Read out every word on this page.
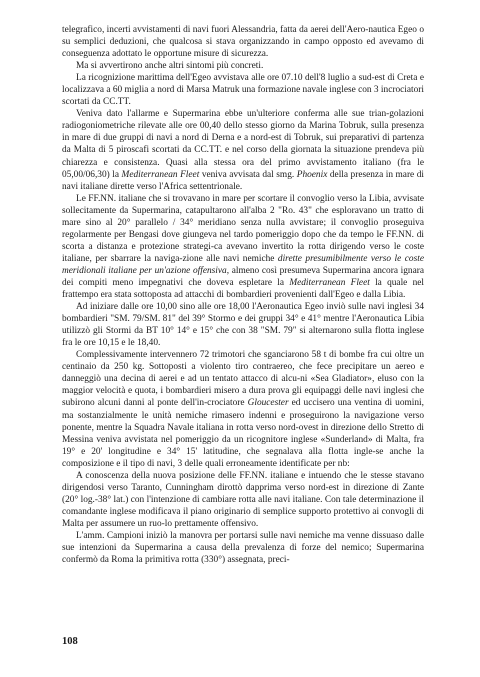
telegrafico, incerti avvistamenti di navi fuori Alessandria, fatta da aerei dell'Aero-nautica Egeo o su semplici deduzioni, che qualcosa si stava organizzando in campo opposto ed avevamo di conseguenza adottato le opportune misure di sicurezza.

Ma si avvertirono anche altri sintomi più concreti.

La ricognizione marittima dell'Egeo avvistava alle ore 07.10 dell'8 luglio a sud-est di Creta e localizzava a 60 miglia a nord di Marsa Matruk una formazione navale inglese con 3 incrociatori scortati da CC.TT.

Veniva dato l'allarme e Supermarina ebbe un'ulteriore conferma alle sue trian-golazioni radiogoniometriche rilevate alle ore 00,40 dello stesso giorno da Marina Tobruk, sulla presenza in mare di due gruppi di navi a nord di Derna e a nord-est di Tobruk, sui preparativi di partenza da Malta di 5 piroscafi scortati da CC.TT. e nel corso della giornata la situazione prendeva più chiarezza e consistenza. Quasi alla stessa ora del primo avvistamento italiano (fra le 05,00/06,30) la Mediterranean Fleet veniva avvisata dal smg. Phoenix della presenza in mare di navi italiane dirette verso l'Africa settentrionale.

Le FF.NN. italiane che si trovavano in mare per scortare il convoglio verso la Libia, avvisate sollecitamente da Supermarina, catapultarono all'alba 2 "Ro. 43" che esploravano un tratto di mare sino al 20° parallelo / 34° meridiano senza nulla avvistare; il convoglio proseguiva regolarmente per Bengasi dove giungeva nel tardo pomeriggio dopo che da tempo le FF.NN. di scorta a distanza e protezione strategi-ca avevano invertito la rotta dirigendo verso le coste italiane, per sbarrare la naviga-zione alle navi nemiche dirette presumibilmente verso le coste meridionali italiane per un'azione offensiva, almeno così presumeva Supermarina ancora ignara dei compiti meno impegnativi che doveva espletare la Mediterranean Fleet la quale nel frattempo era stata sottoposta ad attacchi di bombardieri provenienti dall'Egeo e dalla Libia.

Ad iniziare dalle ore 10,00 sino alle ore 18,00 l'Aeronautica Egeo inviò sulle navi inglesi 34 bombardieri "SM. 79/SM. 81" del 39° Stormo e dei gruppi 34° e 41° mentre l'Aeronautica Libia utilizzò gli Stormi da BT 10° 14° e 15° che con 38 "SM. 79" si alternarono sulla flotta inglese fra le ore 10,15 e le 18,40.

Complessivamente intervennero 72 trimotori che sganciarono 58 t di bombe fra cui oltre un centinaio da 250 kg. Sottoposti a violento tiro contraereo, che fece precipitare un aereo e danneggiò una decina di aerei e ad un tentato attacco di alcu-ni «Sea Gladiator», eluso con la maggior velocità e quota, i bombardieri misero a dura prova gli equipaggi delle navi inglesi che subirono alcuni danni al ponte dell'in-crociatore Gloucester ed uccisero una ventina di uomini, ma sostanzialmente le unità nemiche rimasero indenni e proseguirono la navigazione verso ponente, mentre la Squadra Navale italiana in rotta verso nord-ovest in direzione dello Stretto di Messina veniva avvistata nel pomeriggio da un ricognitore inglese «Sunderland» di Malta, fra 19° e 20' longitudine e 34° 15' latitudine, che segnalava alla flotta ingle-se anche la composizione e il tipo di navi, 3 delle quali erroneamente identificate per nb:

A conoscenza della nuova posizione delle FF.NN. italiane e intuendo che le stesse stavano dirigendosi verso Taranto, Cunningham dirottò dapprima verso nord-est in direzione di Zante (20° log.-38° lat.) con l'intenzione di cambiare rotta alle navi italiane. Con tale determinazione il comandante inglese modificava il piano originario di semplice supporto protettivo ai convogli di Malta per assumere un ruo-lo prettamente offensivo.

L'amm. Campioni iniziò la manovra per portarsi sulle navi nemiche ma venne dissuaso dalle sue intenzioni da Supermarina a causa della prevalenza di forze del nemico; Supermarina confermò da Roma la primitiva rotta (330°) assegnata, preci-

108
